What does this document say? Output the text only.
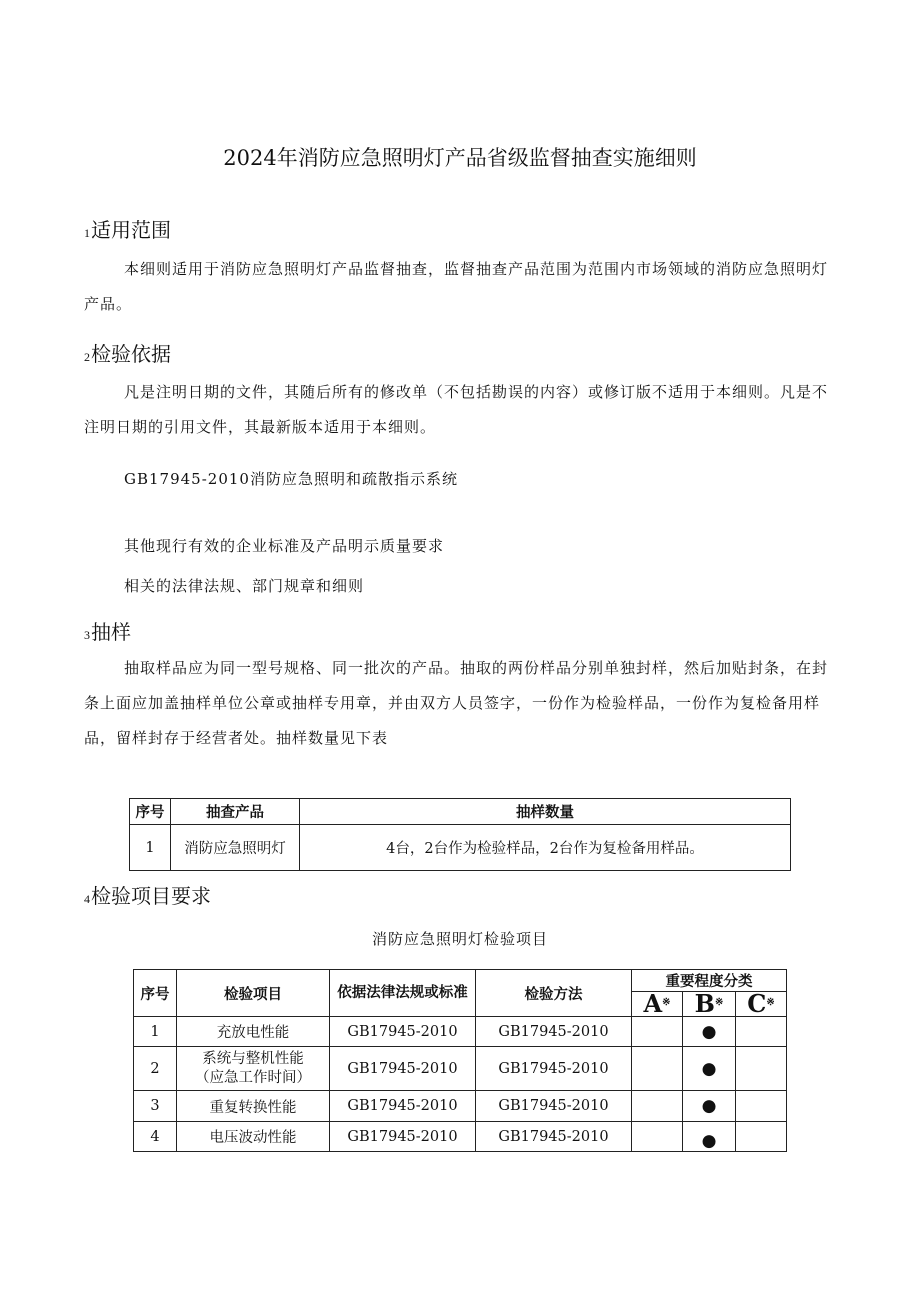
2024年消防应急照明灯产品省级监督抽查实施细则
1适用范围
本细则适用于消防应急照明灯产品监督抽查，监督抽查产品范围为范围内市场领域的消防应急照明灯产品。
2检验依据
凡是注明日期的文件，其随后所有的修改单（不包括勘误的内容）或修订版不适用于本细则。凡是不注明日期的引用文件，其最新版本适用于本细则。
GB17945-2010消防应急照明和疏散指示系统
其他现行有效的企业标准及产品明示质量要求
相关的法律法规、部门规章和细则
3抽样
抽取样品应为同一型号规格、同一批次的产品。抽取的两份样品分别单独封样，然后加贴封条，在封条上面应加盖抽样单位公章或抽样专用章，并由双方人员签字，一份作为检验样品，一份作为复检备用样品，留样封存于经营者处。抽样数量见下表
序号	抽查产品	抽样数量
1	消防应急照明灯	4台，2台作为检验样品，2台作为复检备用样品。
4检验项目要求
消防应急照明灯检验项目
序号	检验项目	依据法律法规或标准	检验方法	重要程度分类		
				A※	B※	C※
1	充放电性能	GB17945-2010	GB17945-2010		●	
2	系统与整机性能（应急工作时间）	GB17945-2010	GB17945-2010		●	
3	重复转换性能	GB17945-2010	GB17945-2010		●	
4	电压波动性能	GB17945-2010	GB17945-2010		●	
